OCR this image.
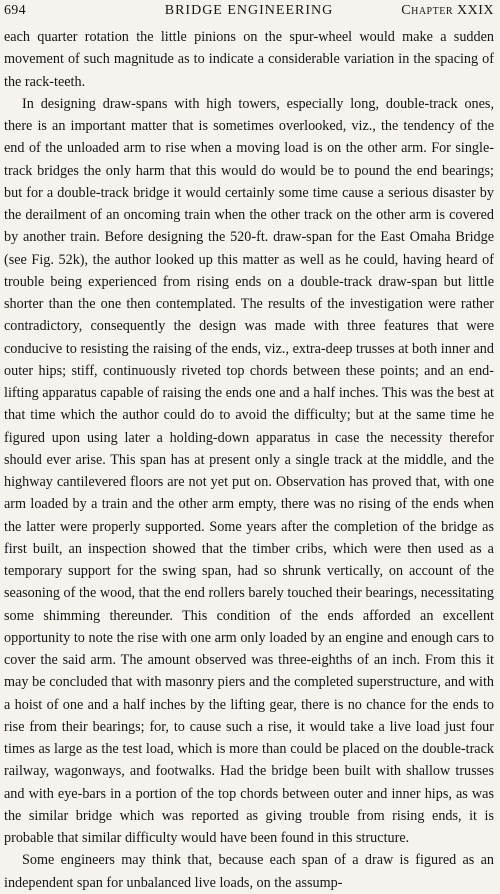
694	BRIDGE ENGINEERING	Chapter XXIX

each quarter rotation the little pinions on the spur-wheel would make a sudden movement of such magnitude as to indicate a considerable variation in the spacing of the rack-teeth.

In designing draw-spans with high towers, especially long, double-track ones, there is an important matter that is sometimes overlooked, viz., the tendency of the end of the unloaded arm to rise when a moving load is on the other arm. For single-track bridges the only harm that this would do would be to pound the end bearings; but for a double-track bridge it would certainly some time cause a serious disaster by the derailment of an oncoming train when the other track on the other arm is covered by another train. Before designing the 520-ft. draw-span for the East Omaha Bridge (see Fig. 52k), the author looked up this matter as well as he could, having heard of trouble being experienced from rising ends on a double-track draw-span but little shorter than the one then contemplated. The results of the investigation were rather contradictory, consequently the design was made with three features that were conducive to resisting the raising of the ends, viz., extra-deep trusses at both inner and outer hips; stiff, continuously riveted top chords between these points; and an end-lifting apparatus capable of raising the ends one and a half inches. This was the best at that time which the author could do to avoid the difficulty; but at the same time he figured upon using later a holding-down apparatus in case the necessity therefor should ever arise. This span has at present only a single track at the middle, and the highway cantilevered floors are not yet put on. Observation has proved that, with one arm loaded by a train and the other arm empty, there was no rising of the ends when the latter were properly supported. Some years after the completion of the bridge as first built, an inspection showed that the timber cribs, which were then used as a temporary support for the swing span, had so shrunk vertically, on account of the seasoning of the wood, that the end rollers barely touched their bearings, necessitating some shimming thereunder. This condition of the ends afforded an excellent opportunity to note the rise with one arm only loaded by an engine and enough cars to cover the said arm. The amount observed was three-eighths of an inch. From this it may be concluded that with masonry piers and the completed superstructure, and with a hoist of one and a half inches by the lifting gear, there is no chance for the ends to rise from their bearings; for, to cause such a rise, it would take a live load just four times as large as the test load, which is more than could be placed on the double-track railway, wagonways, and footwalks. Had the bridge been built with shallow trusses and with eye-bars in a portion of the top chords between outer and inner hips, as was the similar bridge which was reported as giving trouble from rising ends, it is probable that similar difficulty would have been found in this structure.

Some engineers may think that, because each span of a draw is figured as an independent span for unbalanced live loads, on the assump-
